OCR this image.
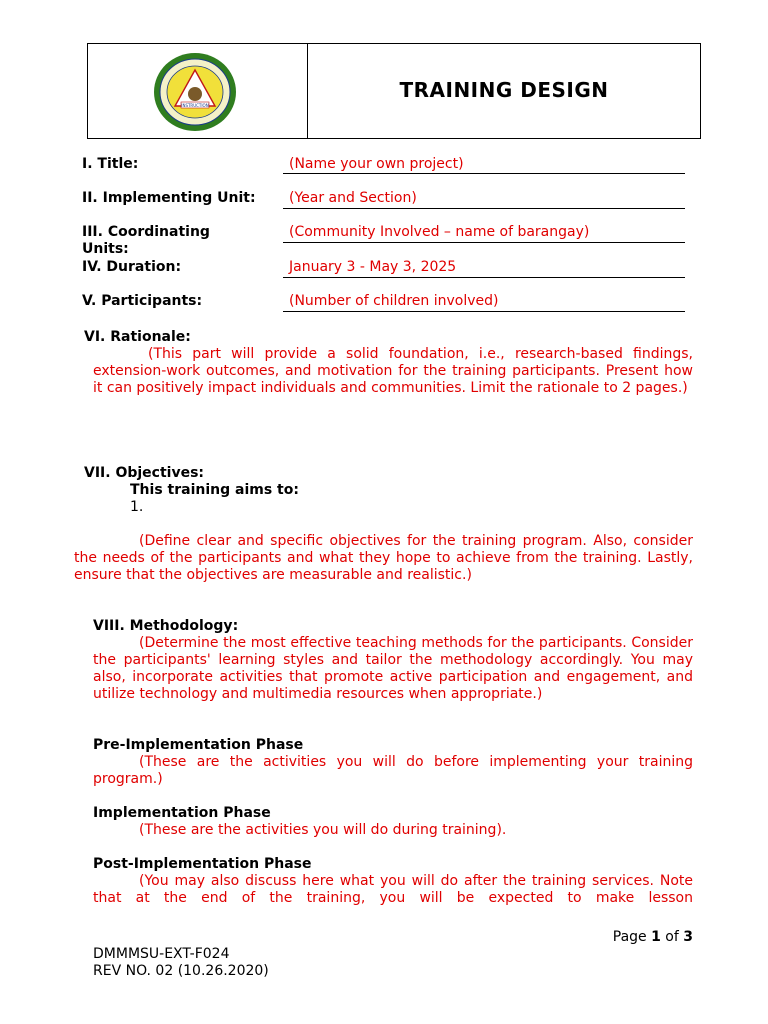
INSTRUCTION
TRAINING DESIGN
I. Title:	(Name your own project)
II. Implementing Unit: (Year and Section)
III. Coordinating
Units:
(Community Involved – name of barangay)
IV. Duration:	January 3 - May 3, 2025
V. Participants:	(Number of children involved)
VI. Rationale:
(This part will provide a solid foundation, i.e., research-based findings, extension-work outcomes, and motivation for the training participants. Present how it can positively impact individuals and communities. Limit the rationale to 2 pages.)
VII. Objectives:
This training aims to:
1.
(Define clear and specific objectives for the training program. Also, consider the needs of the participants and what they hope to achieve from the training. Lastly, ensure that the objectives are measurable and realistic.)
VIII. Methodology:
(Determine the most effective teaching methods for the participants. Consider the participants' learning styles and tailor the methodology accordingly. You may also, incorporate activities that promote active participation and engagement, and utilize technology and multimedia resources when appropriate.)
Pre-Implementation Phase
(These are the activities you will do before implementing your training program.)
Implementation Phase
(These are the activities you will do during training).
Post-Implementation Phase
(You may also discuss here what you will do after the training services. Note that at the end of the training, you will be expected to make lesson
Page 1 of 3
DMMMSU-EXT-F024
REV NO. 02 (10.26.2020)
